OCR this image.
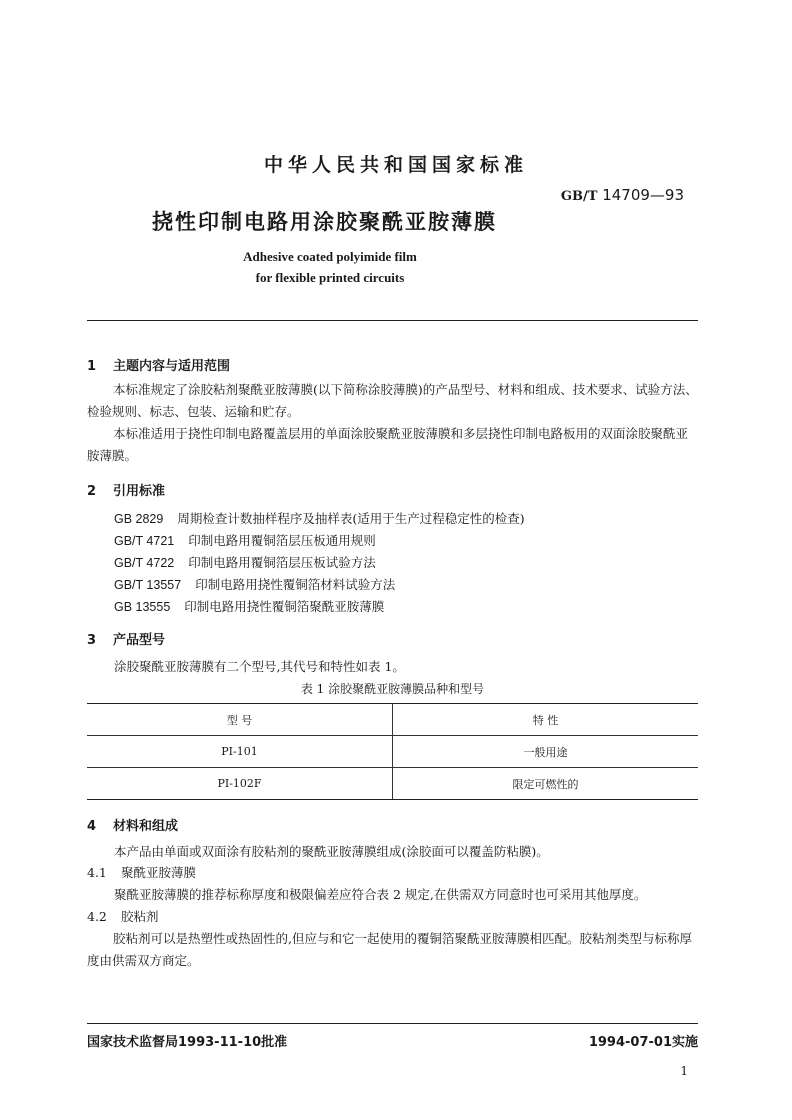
中华人民共和国国家标准
GB/T 14709—93
挠性印制电路用涂胶聚酰亚胺薄膜
Adhesive coated polyimide film
for flexible printed circuits
1 主题内容与适用范围
本标准规定了涂胶粘剂聚酰亚胺薄膜(以下简称涂胶薄膜)的产品型号、材料和组成、技术要求、试验方法、检验规则、标志、包装、运输和贮存。
本标准适用于挠性印制电路覆盖层用的单面涂胶聚酰亚胺薄膜和多层挠性印制电路板用的双面涂胶聚酰亚胺薄膜。
2 引用标准
GB 2829 周期检查计数抽样程序及抽样表(适用于生产过程稳定性的检查)
GB/T 4721 印制电路用覆铜箔层压板通用规则
GB/T 4722 印制电路用覆铜箔层压板试验方法
GB/T 13557 印制电路用挠性覆铜箔材料试验方法
GB 13555 印制电路用挠性覆铜箔聚酰亚胺薄膜
3 产品型号
涂胶聚酰亚胺薄膜有二个型号,其代号和特性如表 1。
表 1 涂胶聚酰亚胺薄膜品种和型号
型 号	特 性
PI-101	一般用途
PI-102F	限定可燃性的
4 材料和组成
本产品由单面或双面涂有胶粘剂的聚酰亚胺薄膜组成(涂胶面可以覆盖防粘膜)。
4.1 聚酰亚胺薄膜
聚酰亚胺薄膜的推荐标称厚度和极限偏差应符合表 2 规定,在供需双方同意时也可采用其他厚度。
4.2 胶粘剂
胶粘剂可以是热塑性或热固性的,但应与和它一起使用的覆铜箔聚酰亚胺薄膜相匹配。胶粘剂类型与标称厚度由供需双方商定。
国家技术监督局1993-11-10批准	1994-07-01实施
1
